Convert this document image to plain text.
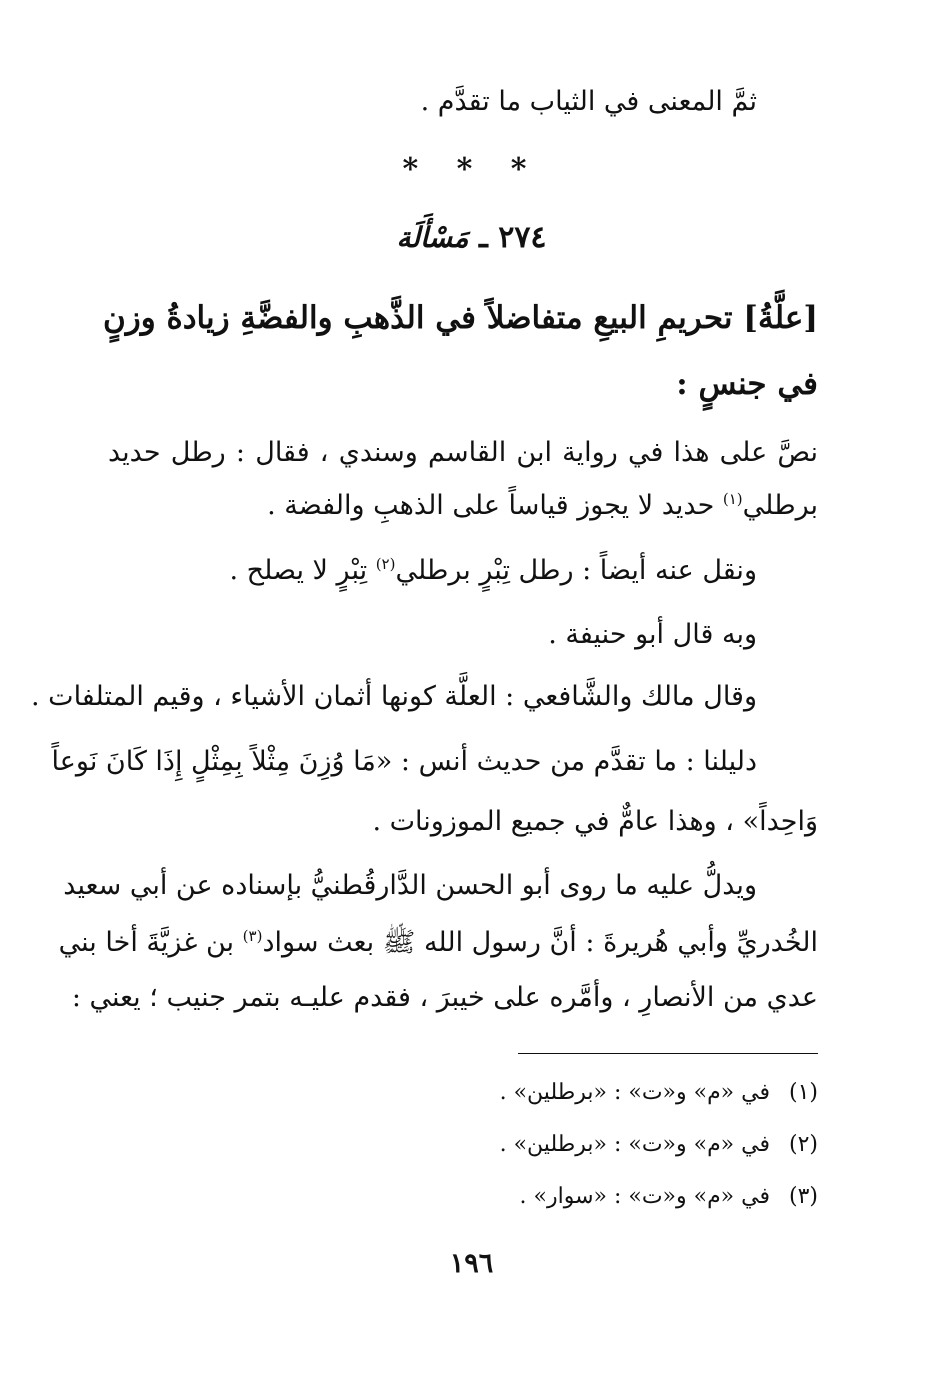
ثمَّ المعنى في الثياب ما تقدَّم .
* * *
٢٧٤ ـ مَسْأَلَة
[علَّةُ] تحريمِ البيعِ متفاضلاً في الذَّهبِ والفضَّةِ زيادةُ وزنٍ
في جنسٍ :
نصَّ على هذا في رواية ابن القاسم وسندي ، فقال : رطل حديد
برطلي$^{(١)}$ حديد لا يجوز قياساً على الذهبِ والفضة .
ونقل عنه أيضاً : رطل تِبْرٍ برطلي$^{(٢)}$ تِبْرٍ لا يصلح .
وبه قال أبو حنيفة .
وقال مالك والشَّافعي : العلَّة كونها أثمان الأشياء ، وقيم المتلفات .
دليلنا : ما تقدَّم من حديث أنس : «مَا وُزِنَ مِثْلاً بِمِثْلٍ إِذَا كَانَ نَوعاً
وَاحِداً» ، وهذا عامٌّ في جميع الموزونات .
ويدلُّ عليه ما روى أبو الحسن الدَّارقُطنيُّ بإسناده عن أبي سعيد
الخُدريِّ وأبي هُريرةَ : أنَّ رسول الله ﷺ بعث سواد$^{(٣)}$ بن غزيَّةَ أخا بني
عدي من الأنصارِ ، وأمَّره على خيبرَ ، فقدم عليـه بتمر جنيب ؛ يعني :
(١)في «م» و«ت» : «برطلين» .
(٢)في «م» و«ت» : «برطلين» .
(٣)في «م» و«ت» : «سوار» .
١٩٦
